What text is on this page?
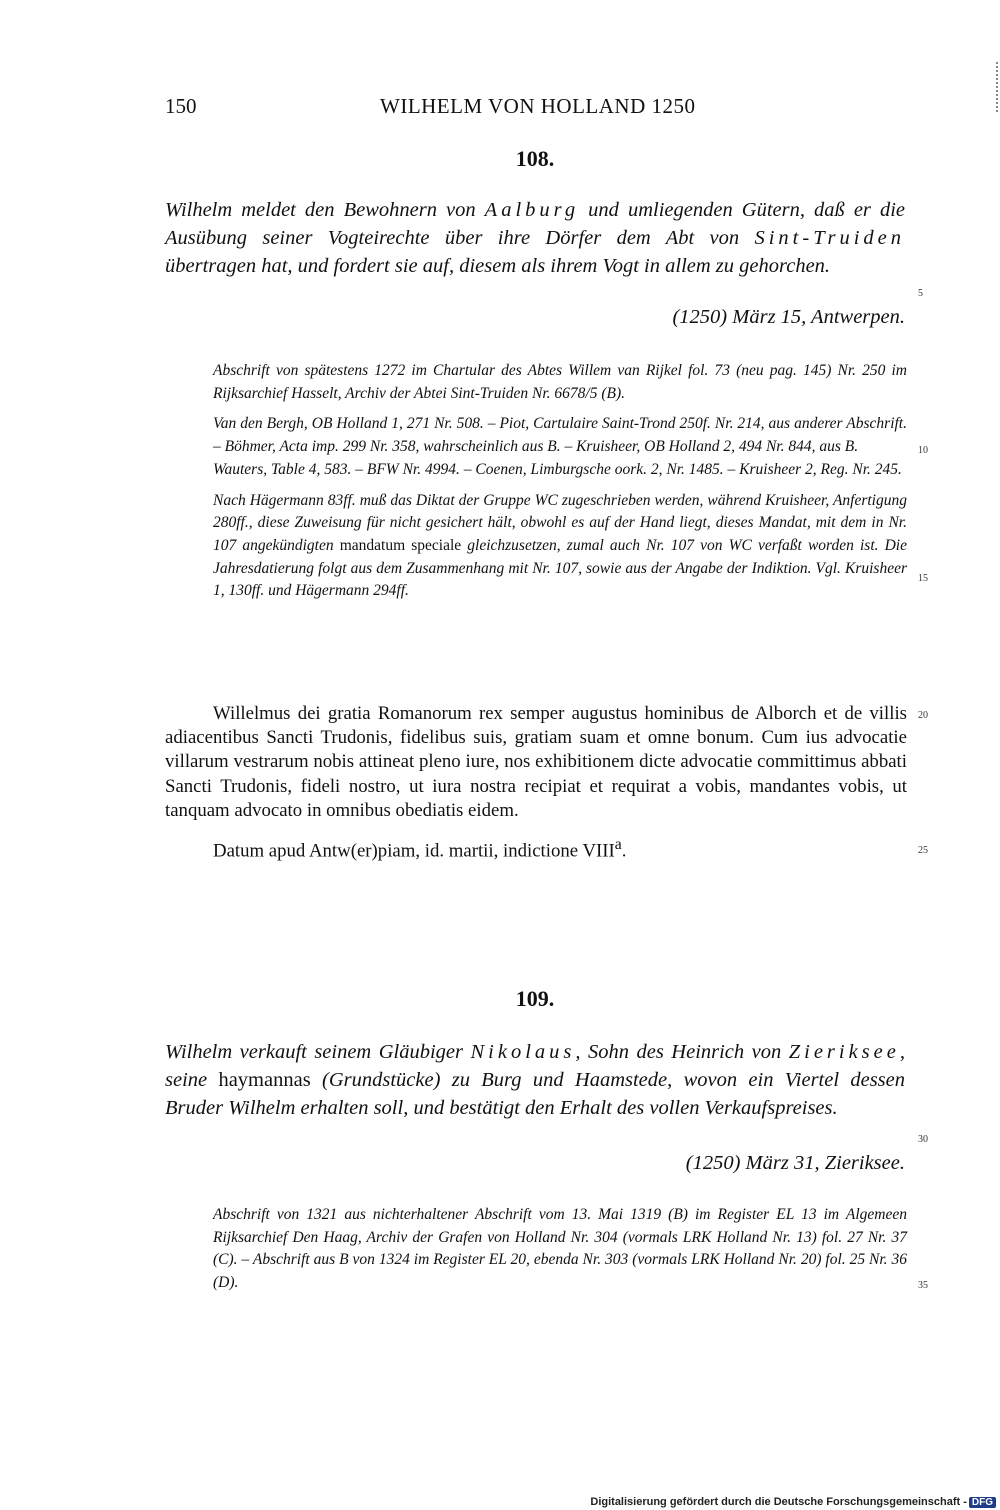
150	WILHELM VON HOLLAND 1250
108.

Wilhelm meldet den Bewohnern von Aalburg und umliegenden Gütern, daß er die Ausübung seiner Vogteirechte über ihre Dörfer dem Abt von Sint-Truiden übertragen hat, und fordert sie auf, diesem als ihrem Vogt in allem zu gehorchen.

(1250) März 15, Antwerpen.

Abschrift von spätestens 1272 im Chartular des Abtes Willem van Rijkel fol. 73 (neu pag. 145) Nr. 250 im Rijksarchief Hasselt, Archiv der Abtei Sint-Truiden Nr. 6678/5 (B).

Van den Bergh, OB Holland 1, 271 Nr. 508. – Piot, Cartulaire Saint-Trond 250f. Nr. 214, aus anderer Abschrift. – Böhmer, Acta imp. 299 Nr. 358, wahrscheinlich aus B. – Kruisheer, OB Holland 2, 494 Nr. 844, aus B.

Wauters, Table 4, 583. – BFW Nr. 4994. – Coenen, Limburgsche oork. 2, Nr. 1485. – Kruisheer 2, Reg. Nr. 245.

Nach Hägermann 83ff. muß das Diktat der Gruppe WC zugeschrieben werden, während Kruisheer, Anfertigung 280ff., diese Zuweisung für nicht gesichert hält, obwohl es auf der Hand liegt, dieses Mandat, mit dem in Nr. 107 angekündigten mandatum speciale gleichzusetzen, zumal auch Nr. 107 von WC verfaßt worden ist. Die Jahresdatierung folgt aus dem Zusammenhang mit Nr. 107, sowie aus der Angabe der Indiktion. Vgl. Kruisheer 1, 130ff. und Hägermann 294ff.

Willelmus dei gratia Romanorum rex semper augustus hominibus de Alborch et de villis adiacentibus Sancti Trudonis, fidelibus suis, gratiam suam et omne bonum. Cum ius advocatie villarum vestrarum nobis attineat pleno iure, nos exhibitionem dicte advocatie committimus abbati Sancti Trudonis, fideli nostro, ut iura nostra recipiat et requirat a vobis, mandantes vobis, ut tanquam advocato in omnibus obediatis eidem.

Datum apud Antw(er)piam, id. martii, indictione VIII$^a$.

109.

Wilhelm verkauft seinem Gläubiger Nikolaus, Sohn des Heinrich von Zieriksee, seine haymannas (Grundstücke) zu Burg und Haamstede, wovon ein Viertel dessen Bruder Wilhelm erhalten soll, und bestätigt den Erhalt des vollen Verkaufspreises.

(1250) März 31, Zieriksee.

Abschrift von 1321 aus nichterhaltener Abschrift vom 13. Mai 1319 (B) im Register EL 13 im Algemeen Rijksarchief Den Haag, Archiv der Grafen von Holland Nr. 304 (vormals LRK Holland Nr. 13) fol. 27 Nr. 37 (C). – Abschrift aus B von 1324 im Register EL 20, ebenda Nr. 303 (vormals LRK Holland Nr. 20) fol. 25 Nr. 36 (D).

5
10
15
20
25
30
35
Digitalisierung gefördert durch die Deutsche Forschungsgemeinschaft - DFG
